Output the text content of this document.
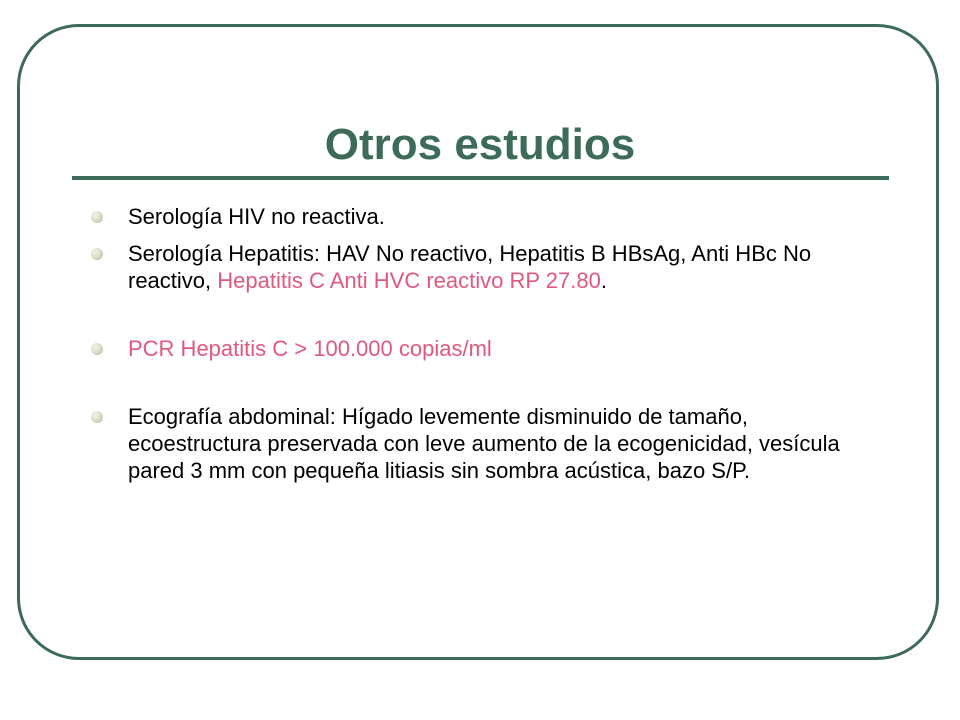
Otros estudios
Serología HIV no reactiva.
Serología Hepatitis: HAV No reactivo, Hepatitis B HBsAg, Anti HBc No reactivo, Hepatitis C Anti HVC reactivo RP 27.80.
PCR Hepatitis C > 100.000 copias/ml
Ecografía abdominal: Hígado levemente disminuido de tamaño, ecoestructura preservada con leve aumento de la ecogenicidad, vesícula pared 3 mm con pequeña litiasis sin sombra acústica, bazo S/P.
